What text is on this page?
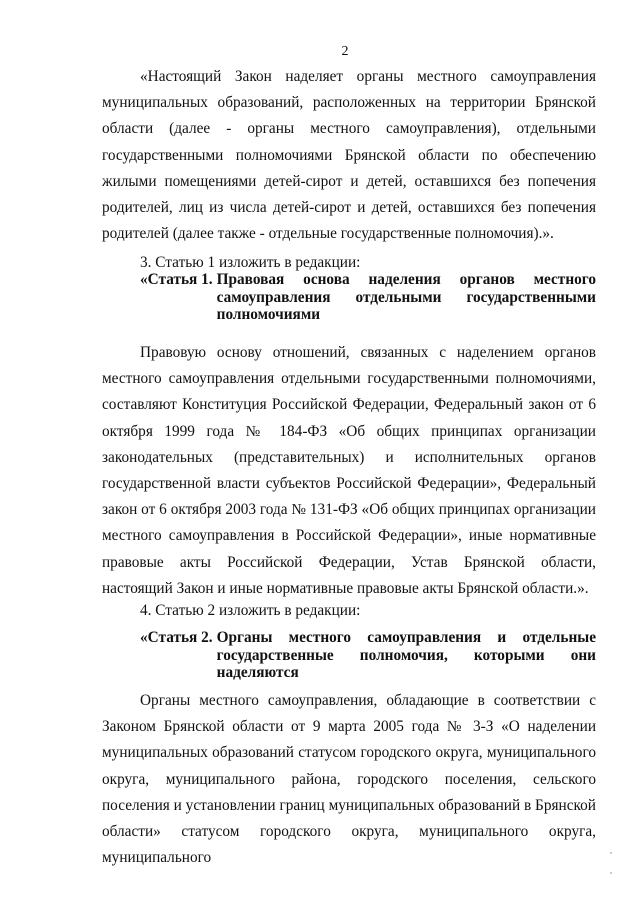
2

«Настоящий Закон наделяет органы местного самоуправления муниципальных образований, расположенных на территории Брянской области (далее - органы местного самоуправления), отдельными государственными полномочиями Брянской области по обеспечению жилыми помещениями детей-сирот и детей, оставшихся без попечения родителей, лиц из числа детей-сирот и детей, оставшихся без попечения родителей (далее также - отдельные государственные полномочия).».

3. Статью 1 изложить в редакции:

«Статья 1. Правовая основа наделения органов местного самоуправления отдельными государственными полномочиями

Правовую основу отношений, связанных с наделением органов местного самоуправления отдельными государственными полномочиями, составляют Конституция Российской Федерации, Федеральный закон от 6 октября 1999 года № 184-ФЗ «Об общих принципах организации законодательных (представительных) и исполнительных органов государственной власти субъектов Российской Федерации», Федеральный закон от 6 октября 2003 года № 131-ФЗ «Об общих принципах организации местного самоуправления в Российской Федерации», иные нормативные правовые акты Российской Федерации, Устав Брянской области, настоящий Закон и иные нормативные правовые акты Брянской области.».

4. Статью 2 изложить в редакции:

«Статья 2. Органы местного самоуправления и отдельные государственные полномочия, которыми они наделяются

Органы местного самоуправления, обладающие в соответствии с Законом Брянской области от 9 марта 2005 года № 3-З «О наделении муниципальных образований статусом городского округа, муниципального округа, муниципального района, городского поселения, сельского поселения и установлении границ муниципальных образований в Брянской области» статусом городского округа, муниципального округа, муниципального
